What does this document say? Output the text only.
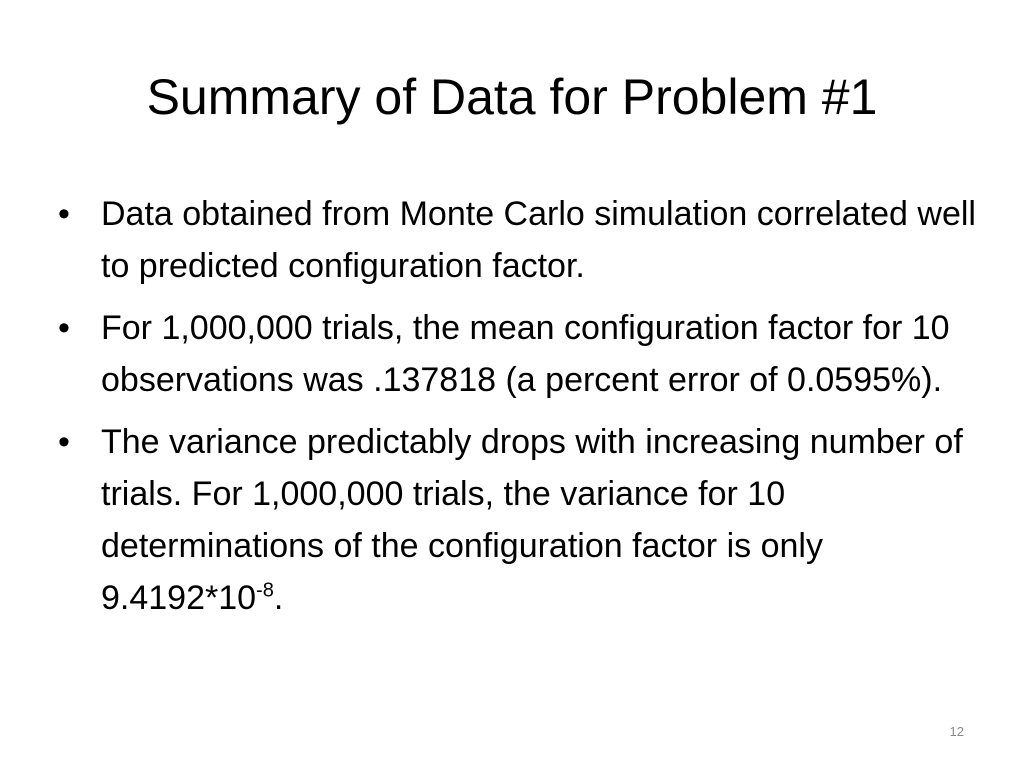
Summary of Data for Problem #1
• Data obtained from Monte Carlo simulation correlated well to predicted configuration factor.
• For 1,000,000 trials, the mean configuration factor for 10 observations was .137818 (a percent error of 0.0595%).
• The variance predictably drops with increasing number of trials. For 1,000,000 trials, the variance for 10 determinations of the configuration factor is only $9.4192*10^{-8}$.
12
